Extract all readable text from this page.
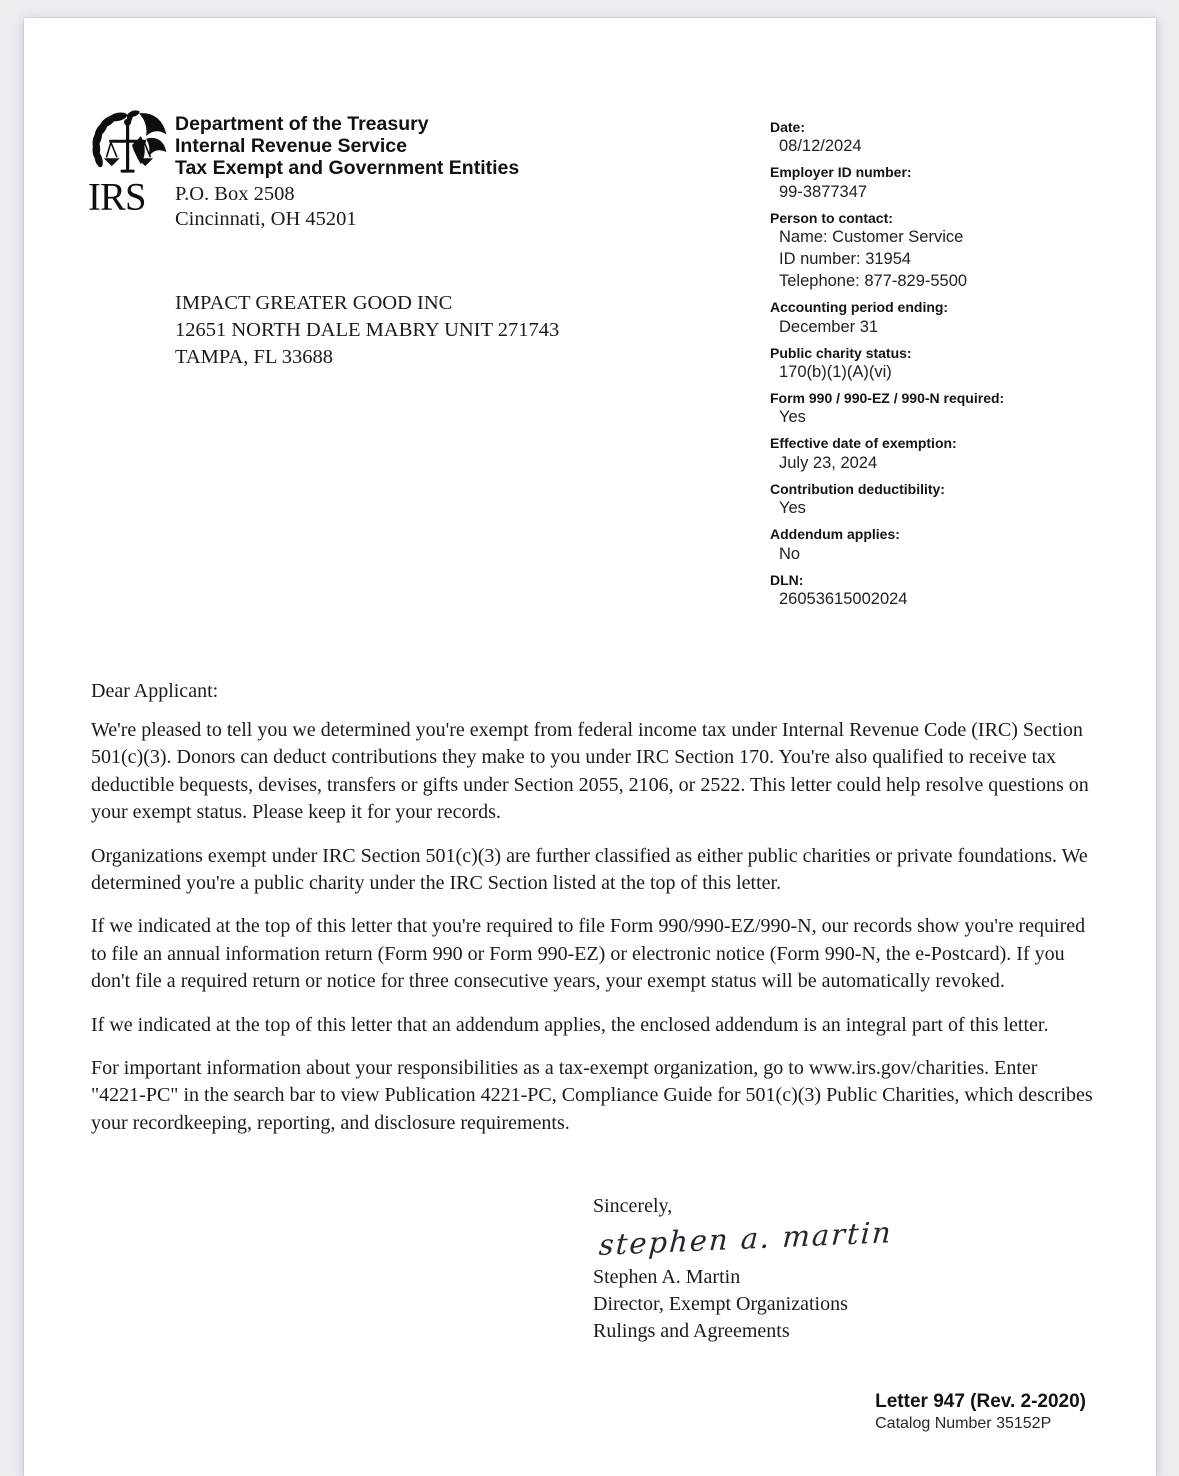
IRS
Department of the Treasury
Internal Revenue Service
Tax Exempt and Government Entities
P.O. Box 2508
Cincinnati, OH 45201
IMPACT GREATER GOOD INC
12651 NORTH DALE MABRY UNIT 271743
TAMPA, FL 33688
Date:
08/12/2024
Employer ID number:
99-3877347
Person to contact:
Name: Customer Service
ID number: 31954
Telephone: 877-829-5500
Accounting period ending:
December 31
Public charity status:
170(b)(1)(A)(vi)
Form 990 / 990-EZ / 990-N required:
Yes
Effective date of exemption:
July 23, 2024
Contribution deductibility:
Yes
Addendum applies:
No
DLN:
26053615002024

Dear Applicant:

We're pleased to tell you we determined you're exempt from federal income tax under Internal Revenue Code (IRC) Section 501(c)(3). Donors can deduct contributions they make to you under IRC Section 170. You're also qualified to receive tax deductible bequests, devises, transfers or gifts under Section 2055, 2106, or 2522. This letter could help resolve questions on your exempt status. Please keep it for your records.

Organizations exempt under IRC Section 501(c)(3) are further classified as either public charities or private foundations. We determined you're a public charity under the IRC Section listed at the top of this letter.

If we indicated at the top of this letter that you're required to file Form 990/990-EZ/990-N, our records show you're required to file an annual information return (Form 990 or Form 990-EZ) or electronic notice (Form 990-N, the e-Postcard). If you don't file a required return or notice for three consecutive years, your exempt status will be automatically revoked.

If we indicated at the top of this letter that an addendum applies, the enclosed addendum is an integral part of this letter.

For important information about your responsibilities as a tax-exempt organization, go to www.irs.gov/charities. Enter "4221-PC" in the search bar to view Publication 4221-PC, Compliance Guide for 501(c)(3) Public Charities, which describes your recordkeeping, reporting, and disclosure requirements.

Sincerely,
stephen a. martin
Stephen A. Martin
Director, Exempt Organizations
Rulings and Agreements
Letter 947 (Rev. 2-2020)
Catalog Number 35152P
